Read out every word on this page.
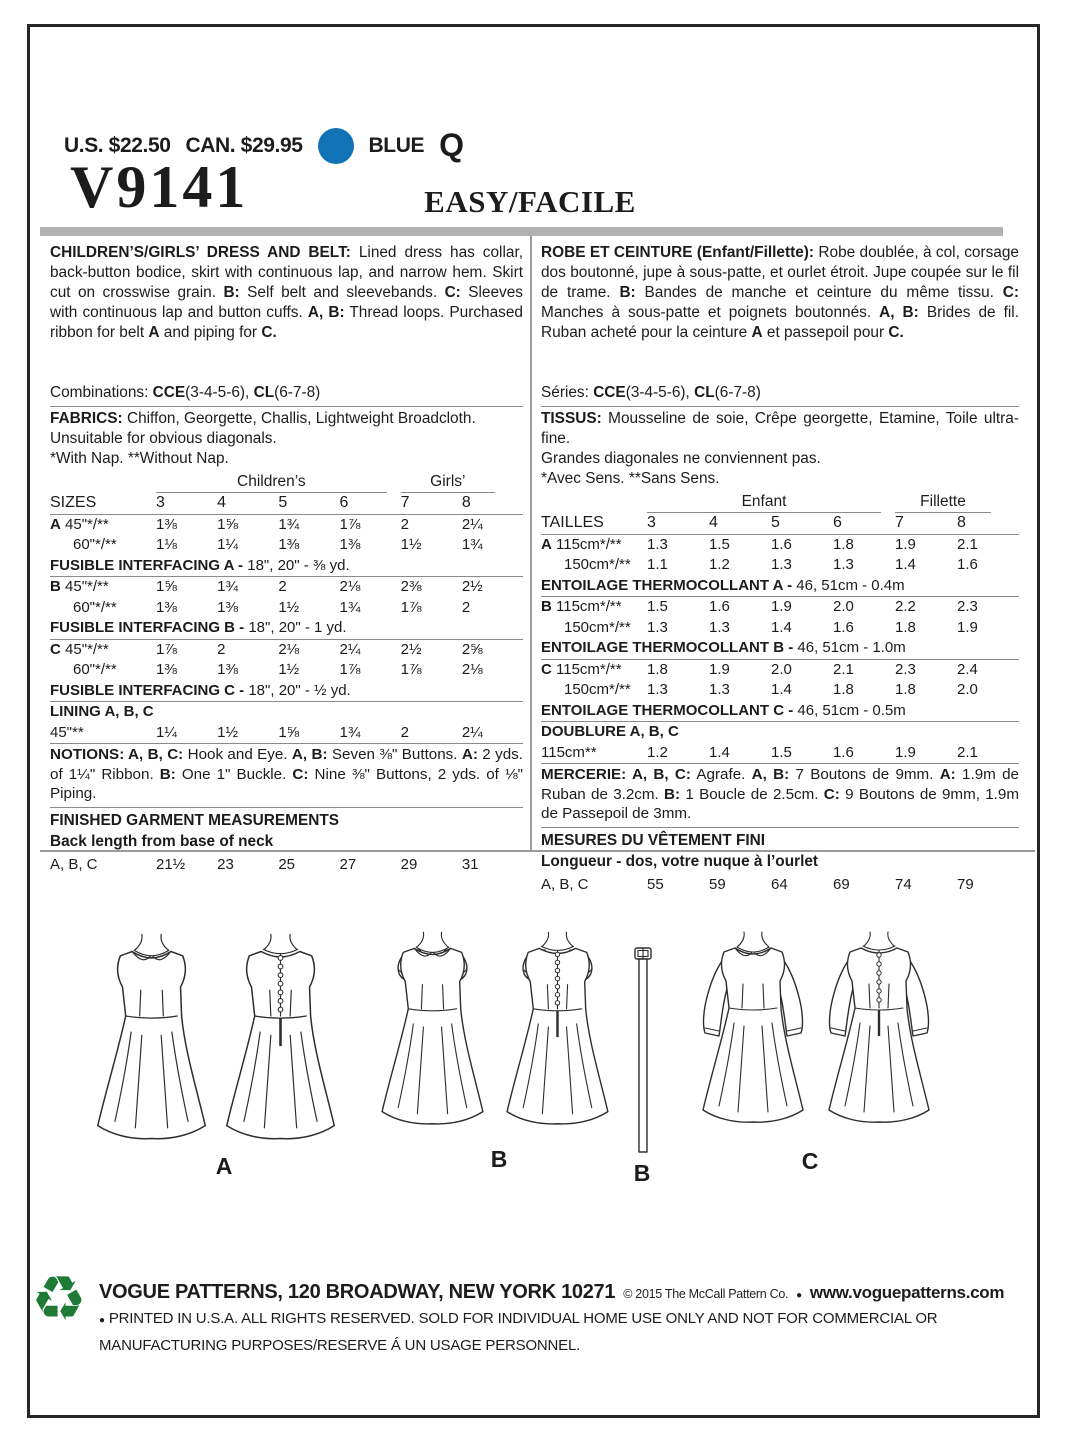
U.S. $22.50 CAN. $29.95	BLUE Q
V9141	EASY/FACILE
CHILDREN’S/GIRLS’ DRESS AND BELT: Lined dress has collar, back-button bodice, skirt with continuous lap, and narrow hem. Skirt cut on crosswise grain. B: Self belt and sleevebands. C: Sleeves with continuous lap and button cuffs. A, B: Thread loops. Purchased ribbon for belt A and piping for C.
Combinations: CCE(3-4-5-6), CL(6-7-8)
FABRICS: Chiffon, Georgette, Challis, Lightweight Broadcloth.
Unsuitable for obvious diagonals.
*With Nap. **Without Nap.
Children’s	Girls’
SIZES	3	4	5	6	7	8
A 45"*/**	1⅜	1⅝	1¾	1⅞	2	2¼
60"*/**	1⅛	1¼	1⅜	1⅜	1½	1¾
FUSIBLE INTERFACING A - 18", 20" - ⅜ yd.
B 45"*/**	1⅝	1¾	2	2⅛	2⅜	2½
60"*/**	1⅜	1⅜	1½	1¾	1⅞	2
FUSIBLE INTERFACING B - 18", 20" - 1 yd.
C 45"*/**	1⅞	2	2⅛	2¼	2½	2⅝
60"*/**	1⅜	1⅜	1½	1⅞	1⅞	2⅛
FUSIBLE INTERFACING C - 18", 20" - ½ yd.
LINING A, B, C
45"**	1¼	1½	1⅝	1¾	2	2¼
NOTIONS: A, B, C: Hook and Eye. A, B: Seven ⅜" Buttons. A: 2 yds. of 1¼" Ribbon. B: One 1" Buckle. C: Nine ⅜" Buttons, 2 yds. of ⅛" Piping.
FINISHED GARMENT MEASUREMENTS
Back length from base of neck
A, B, C	21½	23	25	27	29	31
ROBE ET CEINTURE (Enfant/Fillette): Robe doublée, à col, corsage dos boutonné, jupe à sous-patte, et ourlet étroit. Jupe coupée sur le fil de trame. B: Bandes de manche et ceinture du même tissu. C: Manches à sous-patte et poignets boutonnés. A, B: Brides de fil. Ruban acheté pour la ceinture A et passepoil pour C.
Séries: CCE(3-4-5-6), CL(6-7-8)
TISSUS: Mousseline de soie, Crêpe georgette, Etamine, Toile ultra-fine.
Grandes diagonales ne conviennent pas.
*Avec Sens. **Sans Sens.
Enfant	Fillette
TAILLES	3	4	5	6	7	8
A 115cm*/**	1.3	1.5	1.6	1.8	1.9	2.1
150cm*/**	1.1	1.2	1.3	1.3	1.4	1.6
ENTOILAGE THERMOCOLLANT A - 46, 51cm - 0.4m
B 115cm*/**	1.5	1.6	1.9	2.0	2.2	2.3
150cm*/**	1.3	1.3	1.4	1.6	1.8	1.9
ENTOILAGE THERMOCOLLANT B - 46, 51cm - 1.0m
C 115cm*/**	1.8	1.9	2.0	2.1	2.3	2.4
150cm*/**	1.3	1.3	1.4	1.8	1.8	2.0
ENTOILAGE THERMOCOLLANT C - 46, 51cm - 0.5m
DOUBLURE A, B, C
115cm**	1.2	1.4	1.5	1.6	1.9	2.1
MERCERIE: A, B, C: Agrafe. A, B: 7 Boutons de 9mm. A: 1.9m de Ruban de 3.2cm. B: 1 Boucle de 2.5cm. C: 9 Boutons de 9mm, 1.9m de Passepoil de 3mm.
MESURES DU VÊTEMENT FINI
Longueur - dos, votre nuque à l’ourlet
A, B, C	55	59	64	69	74	79
A	B
B	C
♻ VOGUE PATTERNS, 120 BROADWAY, NEW YORK 10271 © 2015 The McCall Pattern Co. ● www.voguepatterns.com
● PRINTED IN U.S.A. ALL RIGHTS RESERVED. SOLD FOR INDIVIDUAL HOME USE ONLY AND NOT FOR COMMERCIAL OR MANUFACTURING PURPOSES/RESERVE Á UN USAGE PERSONNEL.
